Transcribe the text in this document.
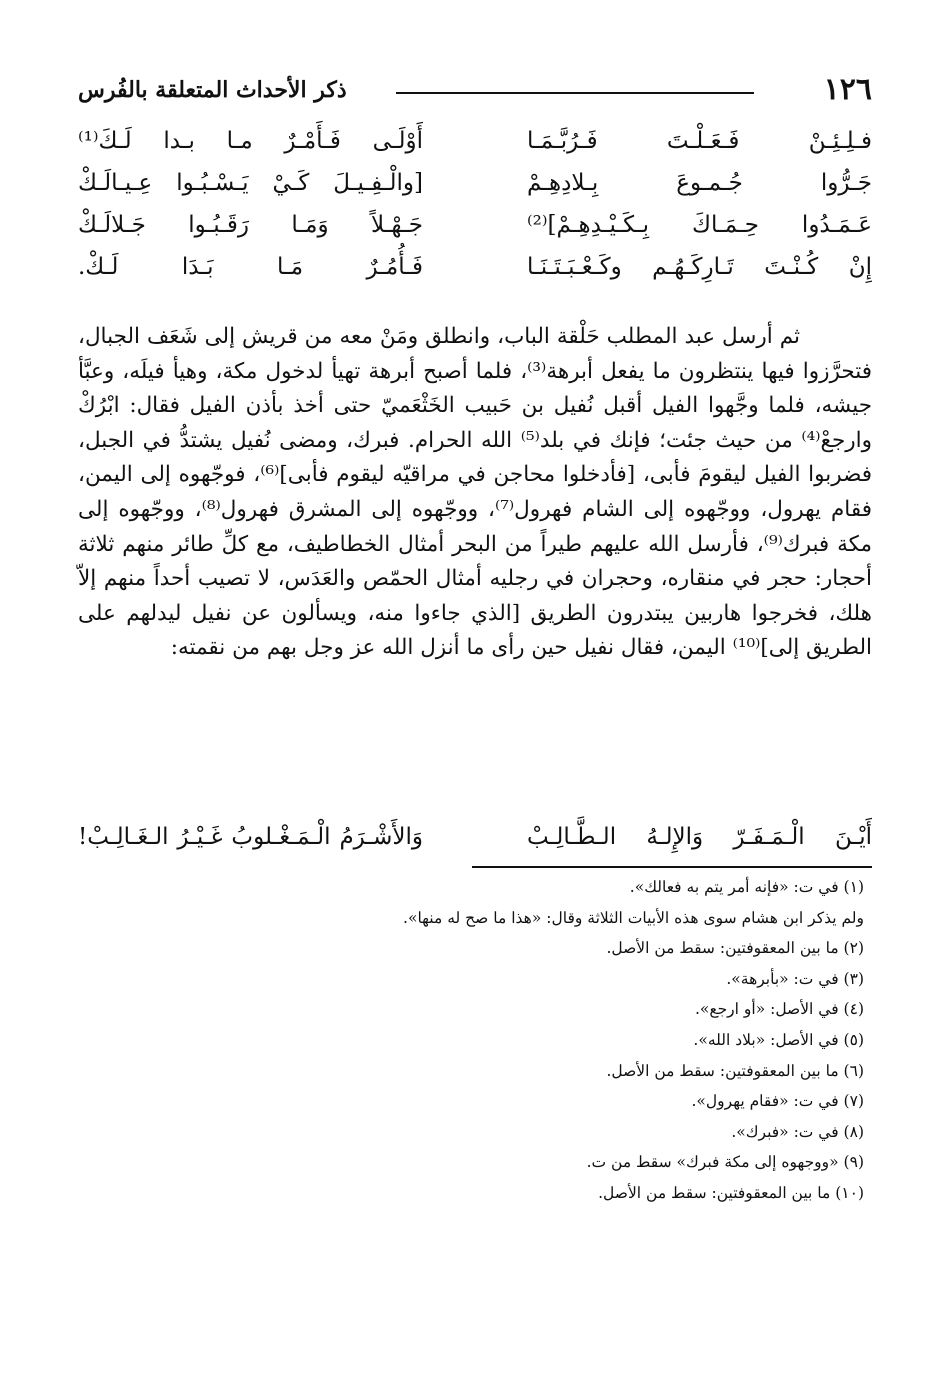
١٢٦
ذكر الأحداث المتعلقة بالفُرس
فـلِـئِـنْ فَـعَـلْـتَ فَـرُبَّـمَـا
أَوْلَـى فَـأَمْـرٌ مـا بـدا لَـكَ⁽¹⁾
جَـرُّوا جُـمـوعَ بِـلادِهِـمْ
[والْـفِـيـلَ كَـيْ يَـسْـبُـوا عِـيـالَـكْ
عَـمَـدُوا حِـمَـاكَ بِـكَـيْـدِهِـمْ]⁽²⁾
جَـهْـلاً وَمَـا رَقَـبُـوا جَـلالَـكْ
إِنْ كُـنْـتَ تَـارِكَـهُـم وكَـعْـبَـتَـنَـا
فَـأُمُـرٌ مَـا بَـدَا لَـكْ.

ثم أرسل عبد المطلب حَلْقة الباب، وانطلق ومَنْ معه من قريش إلى شَعَف الجبال، فتحرَّزوا فيها ينتظرون ما يفعل أبرهة⁽³⁾، فلما أصبح أبرهة تهيأ لدخول مكة، وهيأ فيلَه، وعبَّأ جيشه، فلما وجَّهوا الفيل أقبل نُفيل بن حَبيب الخَثْعَميّ حتى أخذ بأذن الفيل فقال: ابْرُكْ وارجعْ⁽⁴⁾ من حيث جئت؛ فإنك في بلد⁽⁵⁾ الله الحرام. فبرك، ومضى نُفيل يشتدُّ في الجبل، فضربوا الفيل ليقومَ فأبى، [فأدخلوا محاجن في مراقيّه ليقوم فأبى]⁽⁶⁾، فوجّهوه إلى اليمن، فقام يهرول، ووجّهوه إلى الشام فهرول⁽⁷⁾، ووجّهوه إلى المشرق فهرول⁽⁸⁾، ووجّهوه إلى مكة فبرك⁽⁹⁾، فأرسل الله عليهم طيراً من البحر أمثال الخطاطيف، مع كلِّ طائر منهم ثلاثة أحجار: حجر في منقاره، وحجران في رجليه أمثال الحمّص والعَدَس، لا تصيب أحداً منهم إلاّ هلك، فخرجوا هاربين يبتدرون الطريق [الذي جاءوا منه، ويسألون عن نفيل ليدلهم على الطريق إلى]⁽¹⁰⁾ اليمن، فقال نفيل حين رأى ما أنزل الله عز وجل بهم من نقمته:

أَيْـنَ الْـمَـفَـرّ وَالإِلـهُ الـطَّـالِـبْ
وَالأَشْـرَمُ الْـمَـغْـلوبُ غَـيْـرُ الـغَـالِـبْ!
(١) في ت: «فإنه أمر يتم به فعالك».
ولم يذكر ابن هشام سوى هذه الأبيات الثلاثة وقال: «هذا ما صح له منها».
(٢) ما بين المعقوفتين: سقط من الأصل.
(٣) في ت: «بأبرهة».
(٤) في الأصل: «أو ارجع».
(٥) في الأصل: «بلاد الله».
(٦) ما بين المعقوفتين: سقط من الأصل.
(٧) في ت: «فقام يهرول».
(٨) في ت: «فبرك».
(٩) «ووجهوه إلى مكة فبرك» سقط من ت.
(١٠) ما بين المعقوفتين: سقط من الأصل.
